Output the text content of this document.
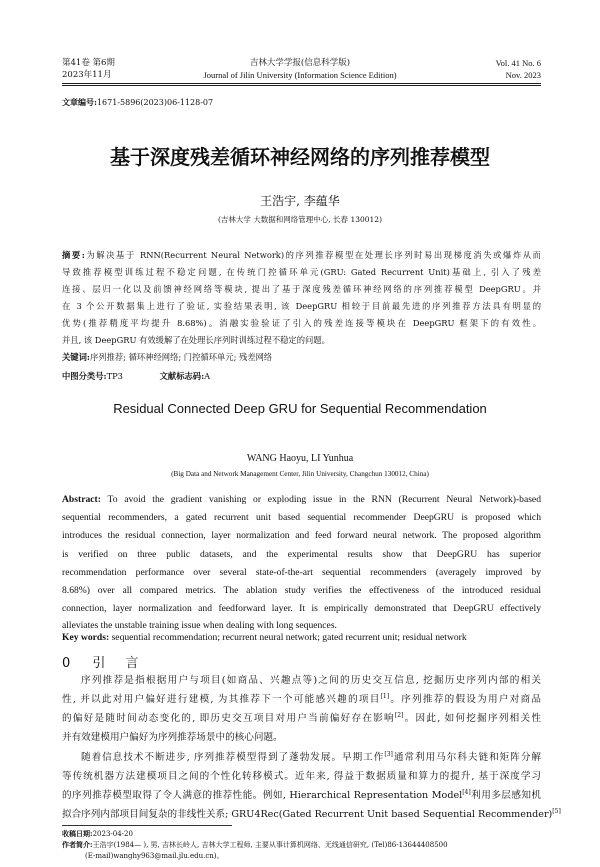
第41卷 第6期
2023年11月
吉林大学学报(信息科学版)
Journal of Jilin University (Information Science Edition)
Vol. 41 No. 6
Nov. 2023
文章编号:1671-5896(2023)06-1128-07
基于深度残差循环神经网络的序列推荐模型
王浩宇, 李蕴华
(吉林大学 大数据和网络管理中心, 长春 130012)
摘要:为解决基于 RNN(Recurrent Neural Network)的序列推荐模型在处理长序列时易出现梯度消失或爆炸从而
导致推荐模型训练过程不稳定问题, 在传统门控循环单元(GRU: Gated Recurrent Unit)基础上, 引入了残差
连接、层归一化以及前馈神经网络等模块, 提出了基于深度残差循环神经网络的序列推荐模型 DeepGRU。并
在 3 个公开数据集上进行了验证, 实验结果表明, 该 DeepGRU 相较于目前最先进的序列推荐方法具有明显的
优势(推荐精度平均提升 8.68%)。消融实验验证了引入的残差连接等模块在 DeepGRU 框架下的有效性。
并且, 该 DeepGRU 有效缓解了在处理长序列时训练过程不稳定的问题。
关键词:序列推荐; 循环神经网络; 门控循环单元; 残差网络
中图分类号:TP3	文献标志码:A
Residual Connected Deep GRU for Sequential Recommendation
WANG Haoyu, LI Yunhua
(Big Data and Network Management Center, Jilin University, Changchun 130012, China)
Abstract: To avoid the gradient vanishing or exploding issue in the RNN (Recurrent Neural Network)-based
sequential recommenders, a gated recurrent unit based sequential recommender DeepGRU is proposed which
introduces the residual connection, layer normalization and feed forward neural network. The proposed algorithm
is verified on three public datasets, and the experimental results show that DeepGRU has superior
recommendation performance over several state-of-the-art sequential recommenders (averagely improved by
8.68%) over all compared metrics. The ablation study verifies the effectiveness of the introduced residual
connection, layer normalization and feedforward layer. It is empirically demonstrated that DeepGRU effectively
alleviates the unstable training issue when dealing with long sequences.
Key words: sequential recommendation; recurrent neural network; gated recurrent unit; residual network
0 引 言
序列推荐是指根据用户与项目(如商品、兴趣点等)之间的历史交互信息, 挖掘历史序列内部的相关
性, 并以此对用户偏好进行建模, 为其推荐下一个可能感兴趣的项目[1]。序列推荐的假设为用户对商品
的偏好是随时间动态变化的, 即历史交互项目对用户当前偏好存在影响[2]。因此, 如何挖掘序列相关性
并有效建模用户偏好为序列推荐场景中的核心问题。
随着信息技术不断进步, 序列推荐模型得到了蓬勃发展。早期工作[3]通常利用马尔科夫链和矩阵分解
等传统机器方法建模项目之间的个性化转移模式。近年来, 得益于数据质量和算力的提升, 基于深度学习
的序列推荐模型取得了令人满意的推荐性能。例如, Hierarchical Representation Model[4]利用多层感知机
拟合序列内部项目间复杂的非线性关系; GRU4Rec(Gated Recurrent Unit based Sequential Recommender)[5]
收稿日期:2023-04-20
作者简介:王浩宇(1984— ), 男, 吉林长岭人, 吉林大学工程师, 主要从事计算机网络、无线通信研究, (Tel)86-13644408500
(E-mail)wanghy963@mail.jlu.edu.cn)。
